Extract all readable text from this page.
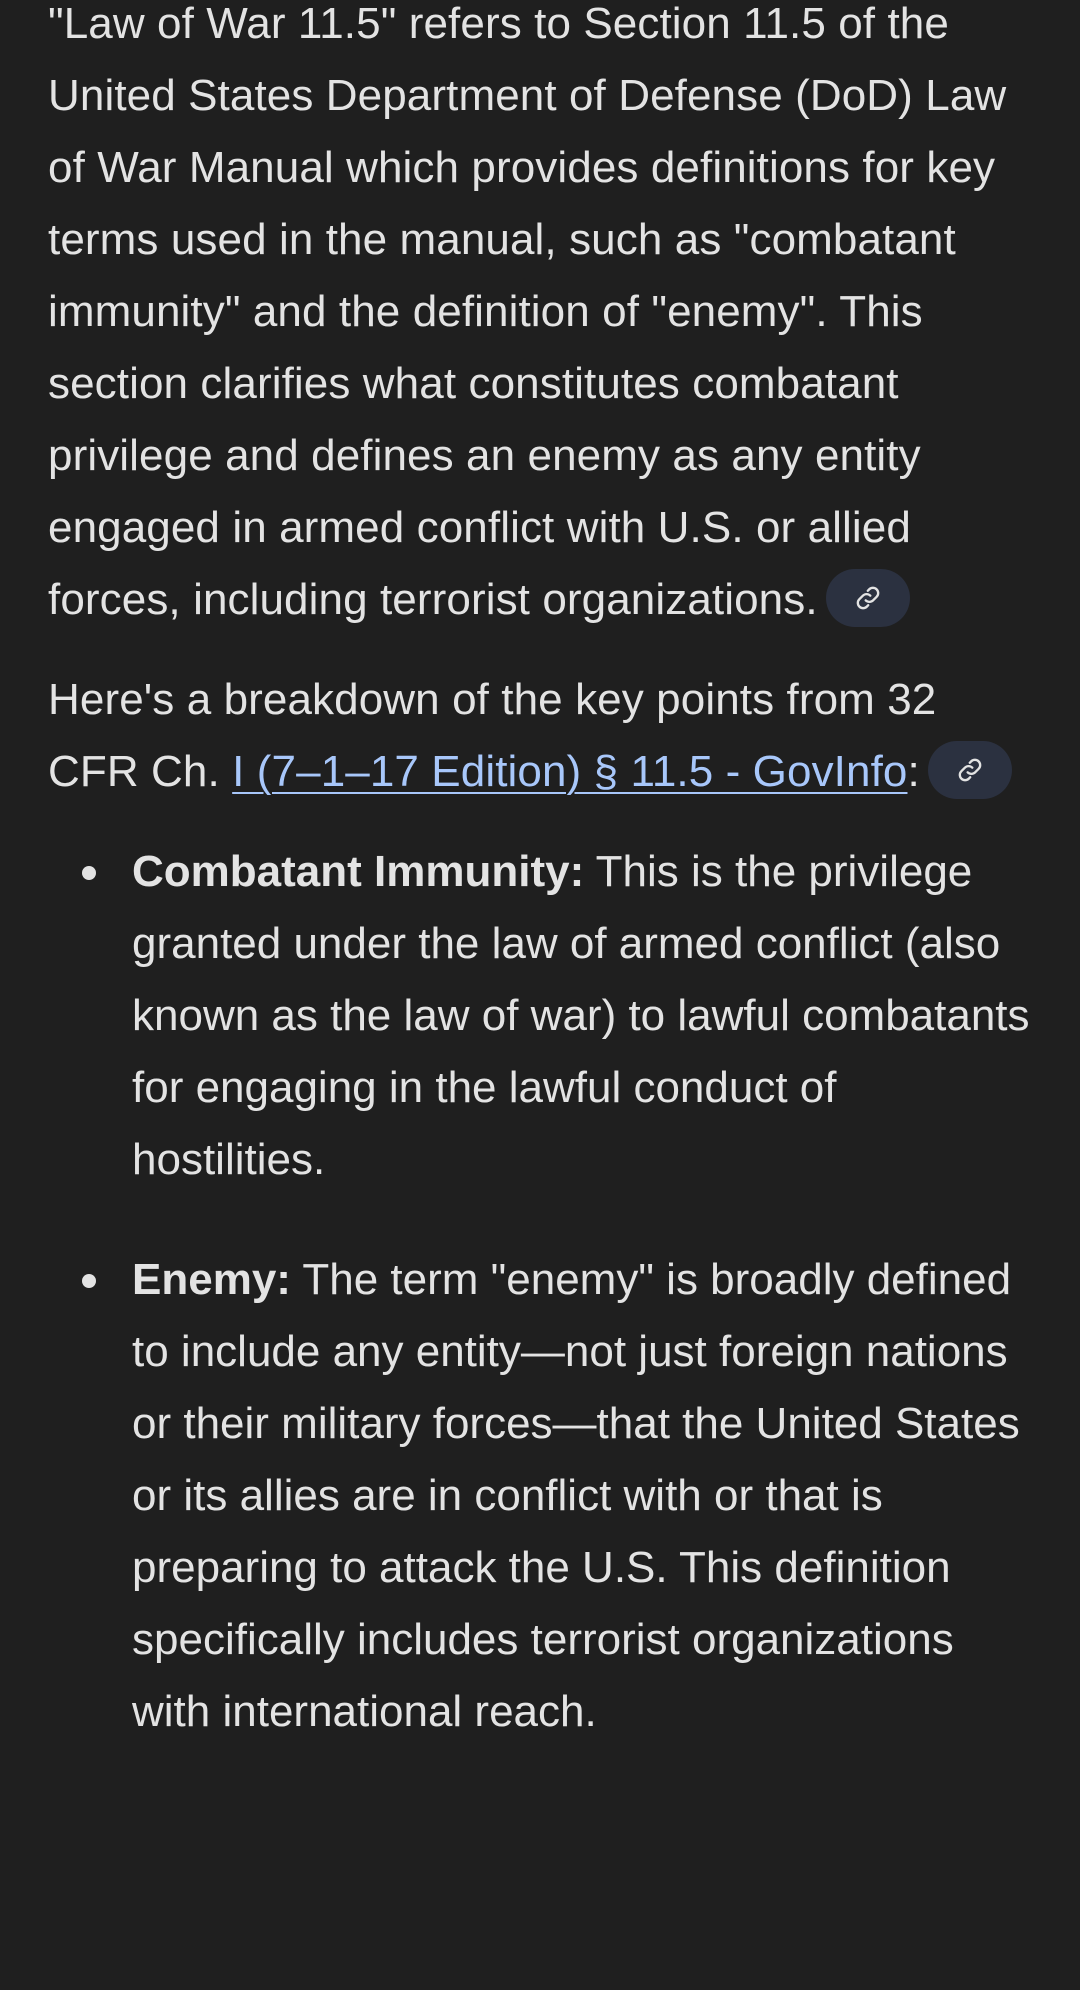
"Law of War 11.5" refers to Section 11.5 of the United States Department of Defense (DoD) Law of War Manual which provides definitions for key terms used in the manual, such as "combatant immunity" and the definition of "enemy". This section clarifies what constitutes combatant privilege and defines an enemy as any entity engaged in armed conflict with U.S. or allied forces, including terrorist organizations.

Here's a breakdown of the key points from 32 CFR Ch. I (7–1–17 Edition) § 11.5 - GovInfo:

Combatant Immunity: This is the privilege granted under the law of armed conflict (also known as the law of war) to lawful combatants for engaging in the lawful conduct of hostilities.
Enemy: The term "enemy" is broadly defined to include any entity—not just foreign nations or their military forces—that the United States or its allies are in conflict with or that is preparing to attack the U.S. This definition specifically includes terrorist organizations with international reach.
